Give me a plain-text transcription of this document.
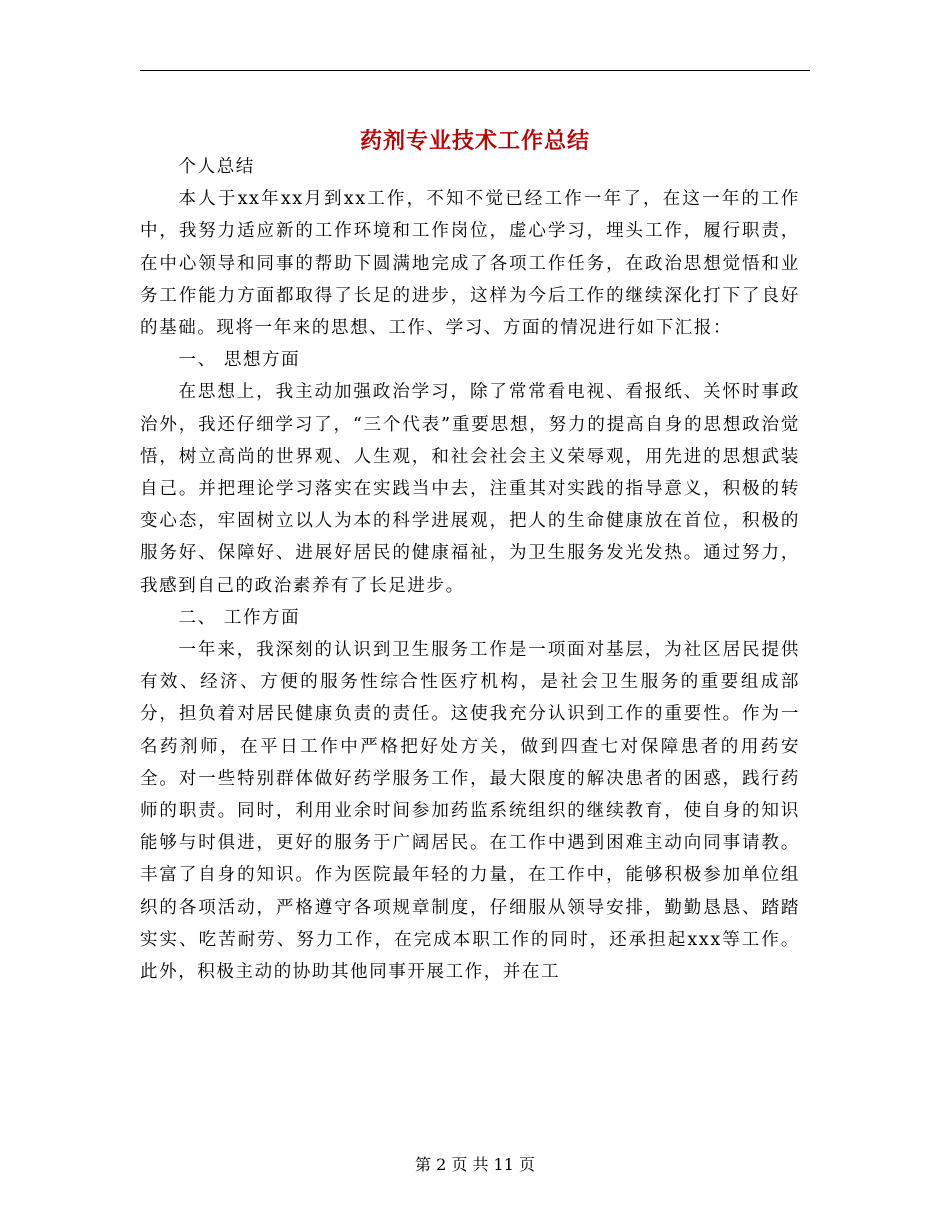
药剂专业技术工作总结

个人总结

本人于xx年xx月到xx工作，不知不觉已经工作一年了，在这一年的工作中，我努力适应新的工作环境和工作岗位，虚心学习，埋头工作，履行职责，在中心领导和同事的帮助下圆满地完成了各项工作任务，在政治思想觉悟和业务工作能力方面都取得了长足的进步，这样为今后工作的继续深化打下了良好的基础。现将一年来的思想、工作、学习、方面的情况进行如下汇报：

一、 思想方面

在思想上，我主动加强政治学习，除了常常看电视、看报纸、关怀时事政治外，我还仔细学习了，“三个代表”重要思想，努力的提高自身的思想政治觉悟，树立高尚的世界观、人生观，和社会社会主义荣辱观，用先进的思想武装自己。并把理论学习落实在实践当中去，注重其对实践的指导意义，积极的转变心态，牢固树立以人为本的科学进展观，把人的生命健康放在首位，积极的服务好、保障好、进展好居民的健康福祉，为卫生服务发光发热。通过努力，我感到自己的政治素养有了长足进步。

二、 工作方面

一年来，我深刻的认识到卫生服务工作是一项面对基层，为社区居民提供有效、经济、方便的服务性综合性医疗机构，是社会卫生服务的重要组成部分，担负着对居民健康负责的责任。这使我充分认识到工作的重要性。作为一名药剂师，在平日工作中严格把好处方关，做到四查七对保障患者的用药安全。对一些特别群体做好药学服务工作，最大限度的解决患者的困惑，践行药师的职责。同时，利用业余时间参加药监系统组织的继续教育，使自身的知识能够与时俱进，更好的服务于广阔居民。在工作中遇到困难主动向同事请教。丰富了自身的知识。作为医院最年轻的力量，在工作中，能够积极参加单位组织的各项活动，严格遵守各项规章制度，仔细服从领导安排，勤勤恳恳、踏踏实实、吃苦耐劳、努力工作，在完成本职工作的同时，还承担起xxx等工作。此外，积极主动的协助其他同事开展工作，并在工

第 2 页 共 11 页
